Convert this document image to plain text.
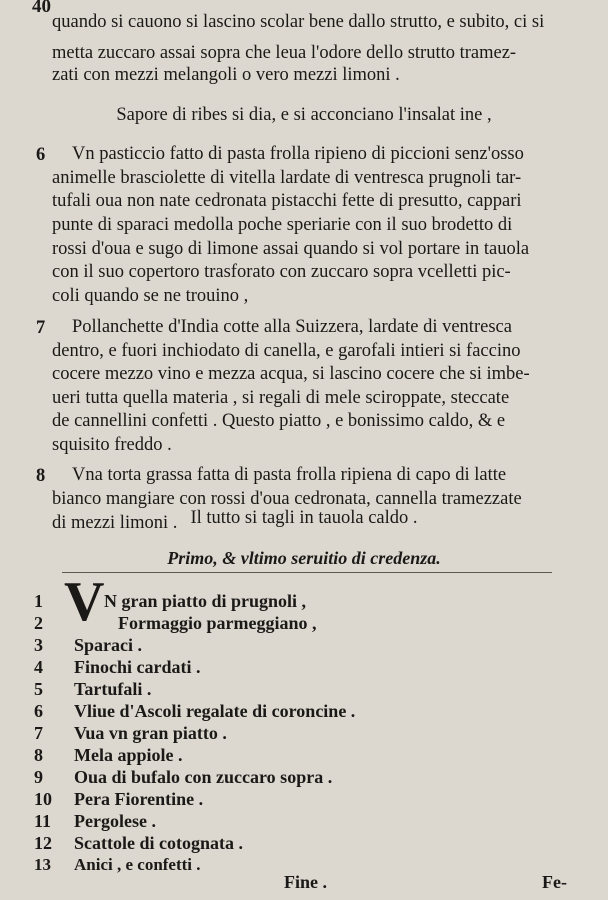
40
quando si cauono si lascino scolar bene dallo strutto, e subito, ci si
metta zuccaro assai sopra che leua l'odore dello strutto tramez-
zati con mezzi melangoli o vero mezzi limoni .
Sapore di ribes si dia, e si acconciano l'insalat ine ,
6 Vn pasticcio fatto di pasta frolla ripieno di piccioni senz'osso
animelle brasciolette di vitella lardate di ventresca prugnoli tar-
tufali oua non nate cedronata pistacchi fette di presutto, cappari
punte di sparaci medolla poche speriarie con il suo brodetto di
rossi d'oua e sugo di limone assai quando si vol portare in tauola
con il suo copertoro trasforato con zuccaro sopra vcelletti pic-
coli quando se ne trouino ,
7 Pollanchette d'India cotte alla Suizzera, lardate di ventresca
dentro, e fuori inchiodato di canella, e garofali intieri si faccino
cocere mezzo vino e mezza acqua, si lascino cocere che si imbe-
ueri tutta quella materia , si regali di mele sciroppate, steccate
de cannellini confetti . Questo piatto , e bonissimo caldo, & e
squisito freddo .
8 Vna torta grassa fatta di pasta frolla ripiena di capo di latte
bianco mangiare con rossi d'oua cedronata, cannella tramezzate
di mezzi limoni . Il tutto si tagli in tauola caldo .
Primo, & vltimo seruitio di credenza.
V
1	N gran piatto di prugnoli ,
2	Formaggio parmeggiano ,
3 Sparaci .
4 Finochi cardati .
5 Tartufali .
6 Vliue d'Ascoli regalate di coroncine .
7 Vua vn gran piatto .
8 Mela appiole .
9 Oua di bufalo con zuccaro sopra .
10 Pera Fiorentine .
11 Pergolese .
12 Scattole di cotognata .
13 Anici , e confetti .
Fine .	Fe-
